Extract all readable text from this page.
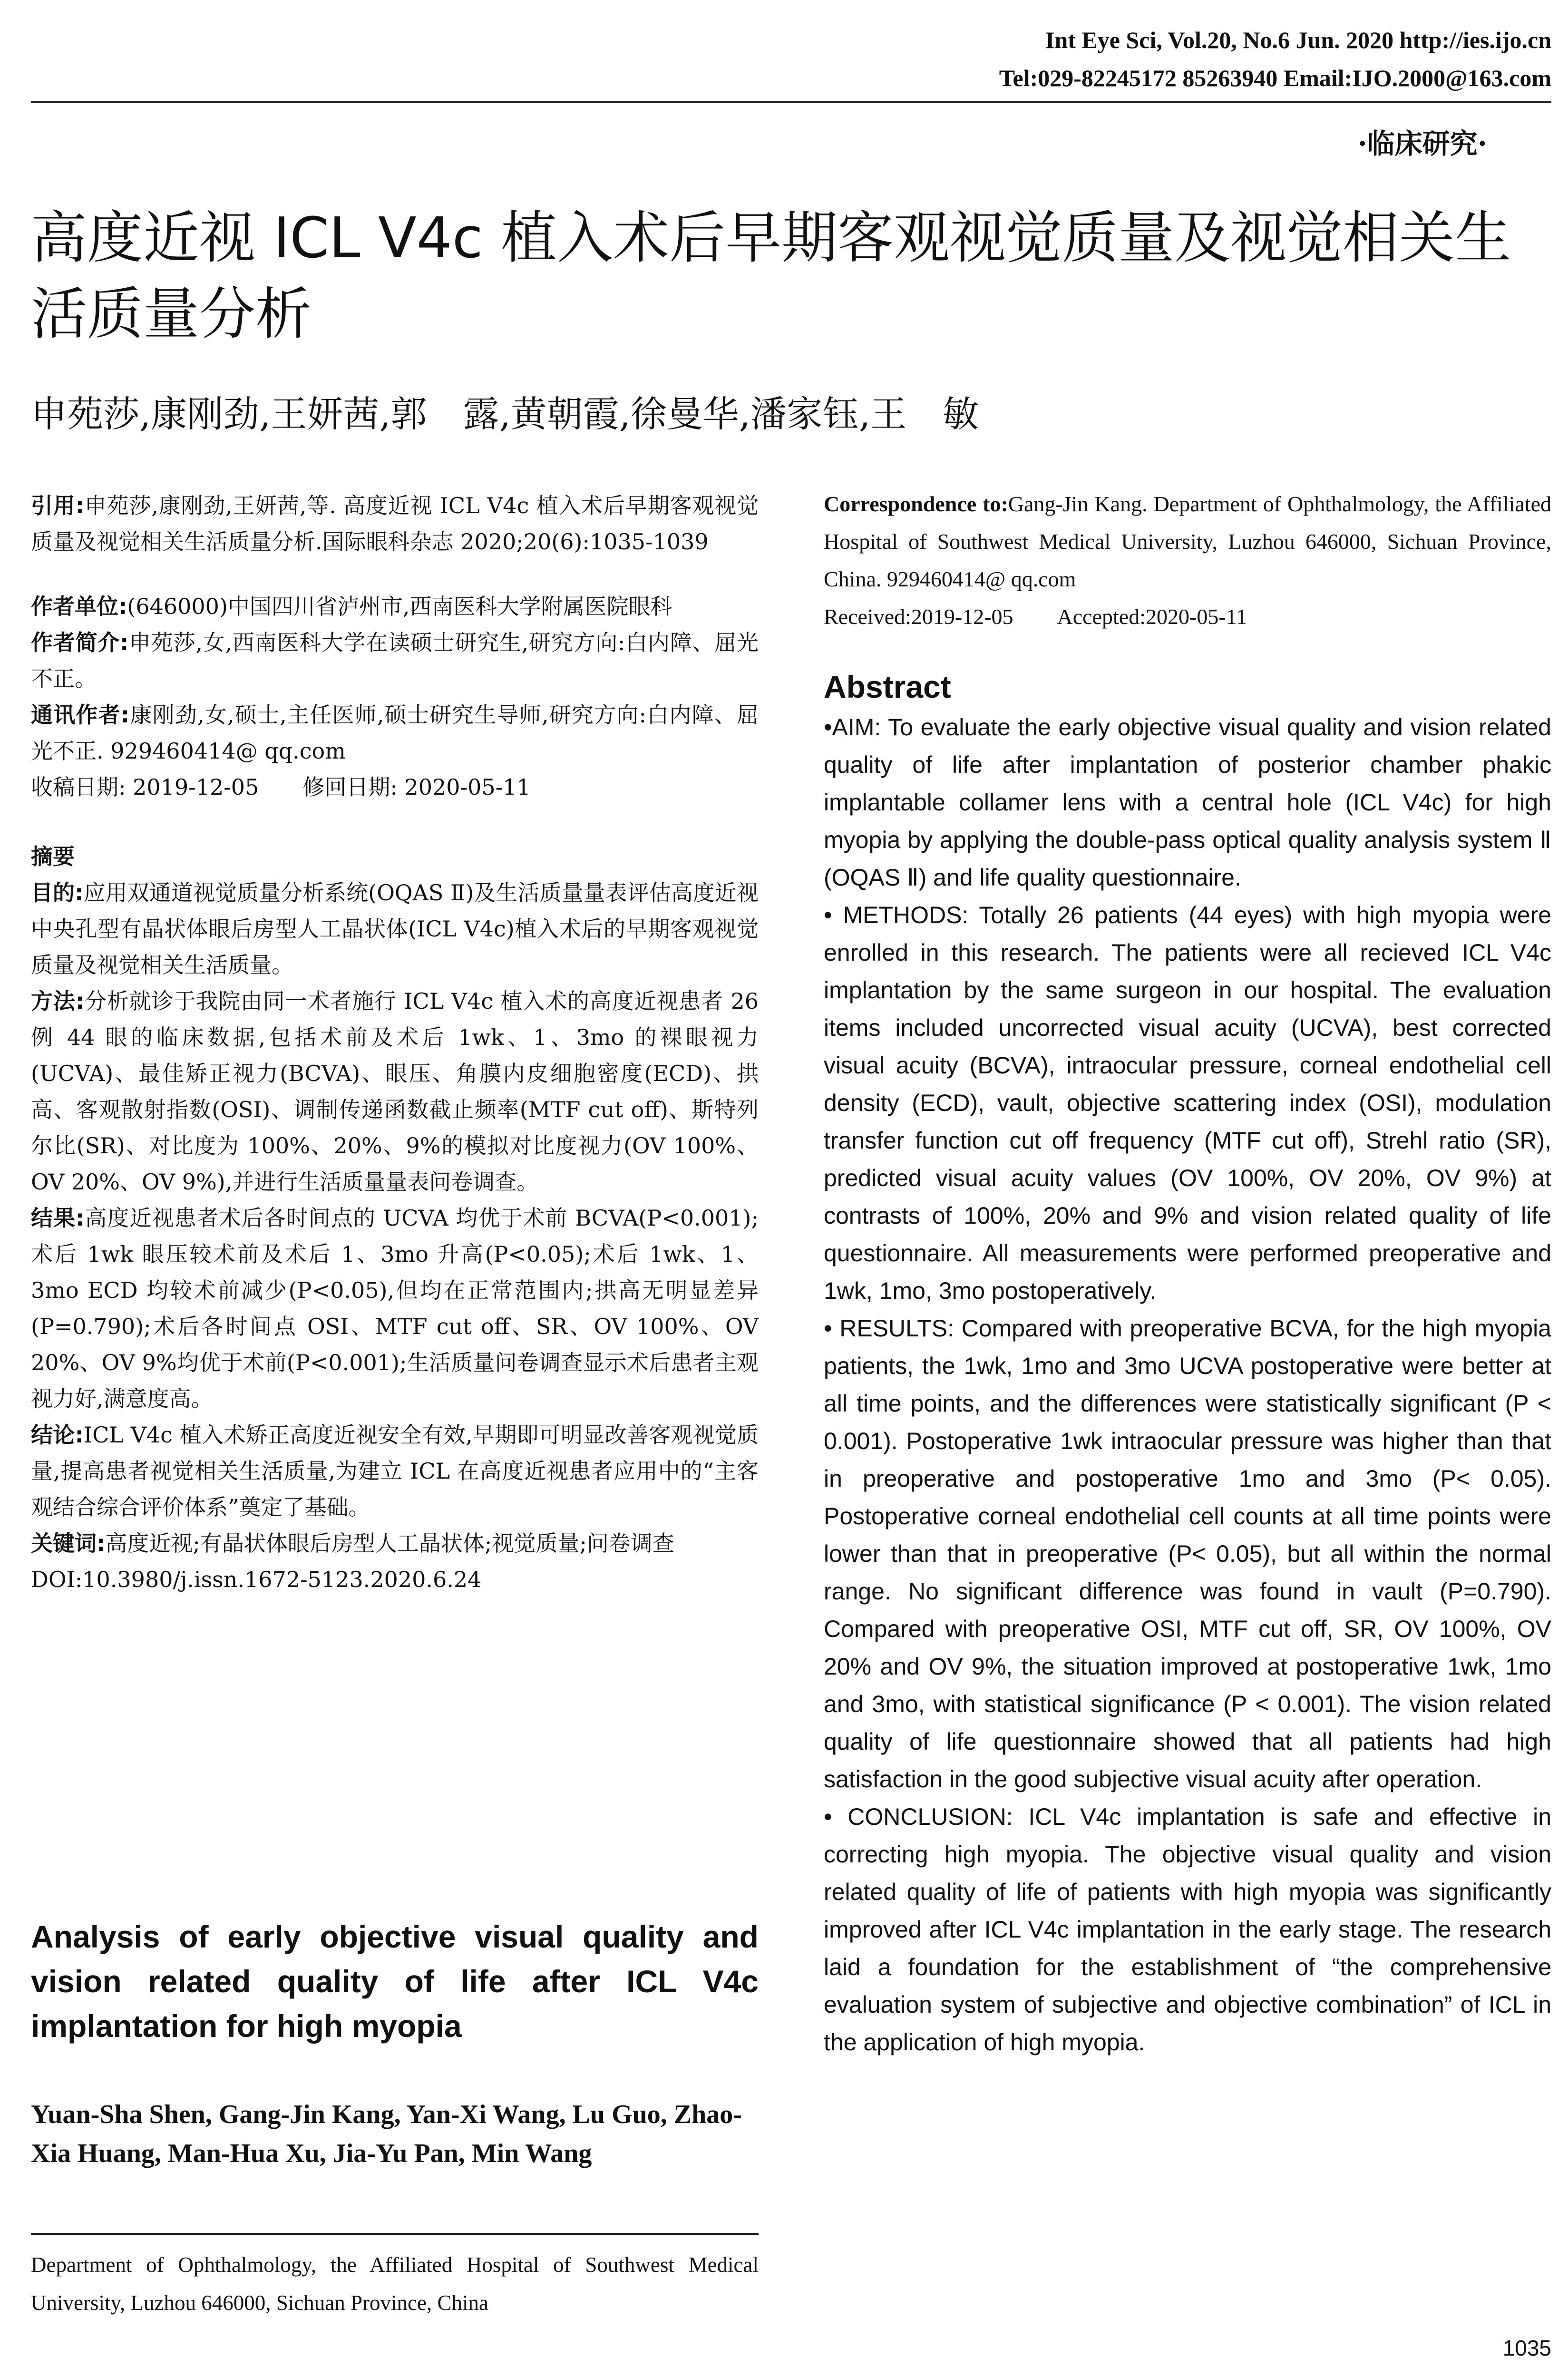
Int Eye Sci, Vol.20, No.6 Jun. 2020 http://ies.ijo.cn
Tel:029-82245172 85263940 Email:IJO.2000@163.com
·临床研究·
高度近视 ICL V4c 植入术后早期客观视觉质量及视觉相关生活质量分析
申苑莎,康刚劲,王妍茜,郭　露,黄朝霞,徐曼华,潘家钰,王　敏
引用:申苑莎,康刚劲,王妍茜,等. 高度近视 ICL V4c 植入术后早期客观视觉质量及视觉相关生活质量分析.国际眼科杂志 2020;20(6):1035-1039
作者单位:(646000)中国四川省泸州市,西南医科大学附属医院眼科
作者简介:申苑莎,女,西南医科大学在读硕士研究生,研究方向:白内障、屈光不正。
通讯作者:康刚劲,女,硕士,主任医师,硕士研究生导师,研究方向:白内障、屈光不正. 929460414@ qq.com
收稿日期: 2019-12-05　　修回日期: 2020-05-11
摘要
目的:应用双通道视觉质量分析系统(OQAS Ⅱ)及生活质量量表评估高度近视中央孔型有晶状体眼后房型人工晶状体(ICL V4c)植入术后的早期客观视觉质量及视觉相关生活质量。
方法:分析就诊于我院由同一术者施行 ICL V4c 植入术的高度近视患者 26 例 44 眼的临床数据,包括术前及术后 1wk、1、3mo 的裸眼视力(UCVA)、最佳矫正视力(BCVA)、眼压、角膜内皮细胞密度(ECD)、拱高、客观散射指数(OSI)、调制传递函数截止频率(MTF cut off)、斯特列尔比(SR)、对比度为 100%、20%、9%的模拟对比度视力(OV 100%、OV 20%、OV 9%),并进行生活质量量表问卷调查。
结果:高度近视患者术后各时间点的 UCVA 均优于术前 BCVA(P<0.001);术后 1wk 眼压较术前及术后 1、3mo 升高(P<0.05);术后 1wk、1、3mo ECD 均较术前减少(P<0.05),但均在正常范围内;拱高无明显差异(P=0.790);术后各时间点 OSI、MTF cut off、SR、OV 100%、OV 20%、OV 9%均优于术前(P<0.001);生活质量问卷调查显示术后患者主观视力好,满意度高。
结论:ICL V4c 植入术矫正高度近视安全有效,早期即可明显改善客观视觉质量,提高患者视觉相关生活质量,为建立 ICL 在高度近视患者应用中的“主客观结合综合评价体系”奠定了基础。
关键词:高度近视;有晶状体眼后房型人工晶状体;视觉质量;问卷调查
DOI:10.3980/j.issn.1672-5123.2020.6.24
Analysis of early objective visual quality and vision related quality of life after ICL V4c implantation for high myopia
Yuan-Sha Shen, Gang-Jin Kang, Yan-Xi Wang, Lu Guo, Zhao-Xia Huang, Man-Hua Xu, Jia-Yu Pan, Min Wang
Department of Ophthalmology, the Affiliated Hospital of Southwest Medical University, Luzhou 646000, Sichuan Province, China
Correspondence to:Gang-Jin Kang. Department of Ophthalmology, the Affiliated Hospital of Southwest Medical University, Luzhou 646000, Sichuan Province, China. 929460414@ qq.com
Received:2019-12-05　　Accepted:2020-05-11
Abstract
•AIM: To evaluate the early objective visual quality and vision related quality of life after implantation of posterior chamber phakic implantable collamer lens with a central hole (ICL V4c) for high myopia by applying the double-pass optical quality analysis system Ⅱ (OQAS Ⅱ) and life quality questionnaire.
• METHODS: Totally 26 patients (44 eyes) with high myopia were enrolled in this research. The patients were all recieved ICL V4c implantation by the same surgeon in our hospital. The evaluation items included uncorrected visual acuity (UCVA), best corrected visual acuity (BCVA), intraocular pressure, corneal endothelial cell density (ECD), vault, objective scattering index (OSI), modulation transfer function cut off frequency (MTF cut off), Strehl ratio (SR), predicted visual acuity values (OV 100%, OV 20%, OV 9%) at contrasts of 100%, 20% and 9% and vision related quality of life questionnaire. All measurements were performed preoperative and 1wk, 1mo, 3mo postoperatively.
• RESULTS: Compared with preoperative BCVA, for the high myopia patients, the 1wk, 1mo and 3mo UCVA postoperative were better at all time points, and the differences were statistically significant (P < 0.001). Postoperative 1wk intraocular pressure was higher than that in preoperative and postoperative 1mo and 3mo (P< 0.05). Postoperative corneal endothelial cell counts at all time points were lower than that in preoperative (P< 0.05), but all within the normal range. No significant difference was found in vault (P=0.790). Compared with preoperative OSI, MTF cut off, SR, OV 100%, OV 20% and OV 9%, the situation improved at postoperative 1wk, 1mo and 3mo, with statistical significance (P < 0.001). The vision related quality of life questionnaire showed that all patients had high satisfaction in the good subjective visual acuity after operation.
• CONCLUSION: ICL V4c implantation is safe and effective in correcting high myopia. The objective visual quality and vision related quality of life of patients with high myopia was significantly improved after ICL V4c implantation in the early stage. The research laid a foundation for the establishment of “the comprehensive evaluation system of subjective and objective combination” of ICL in the application of high myopia.
1035
